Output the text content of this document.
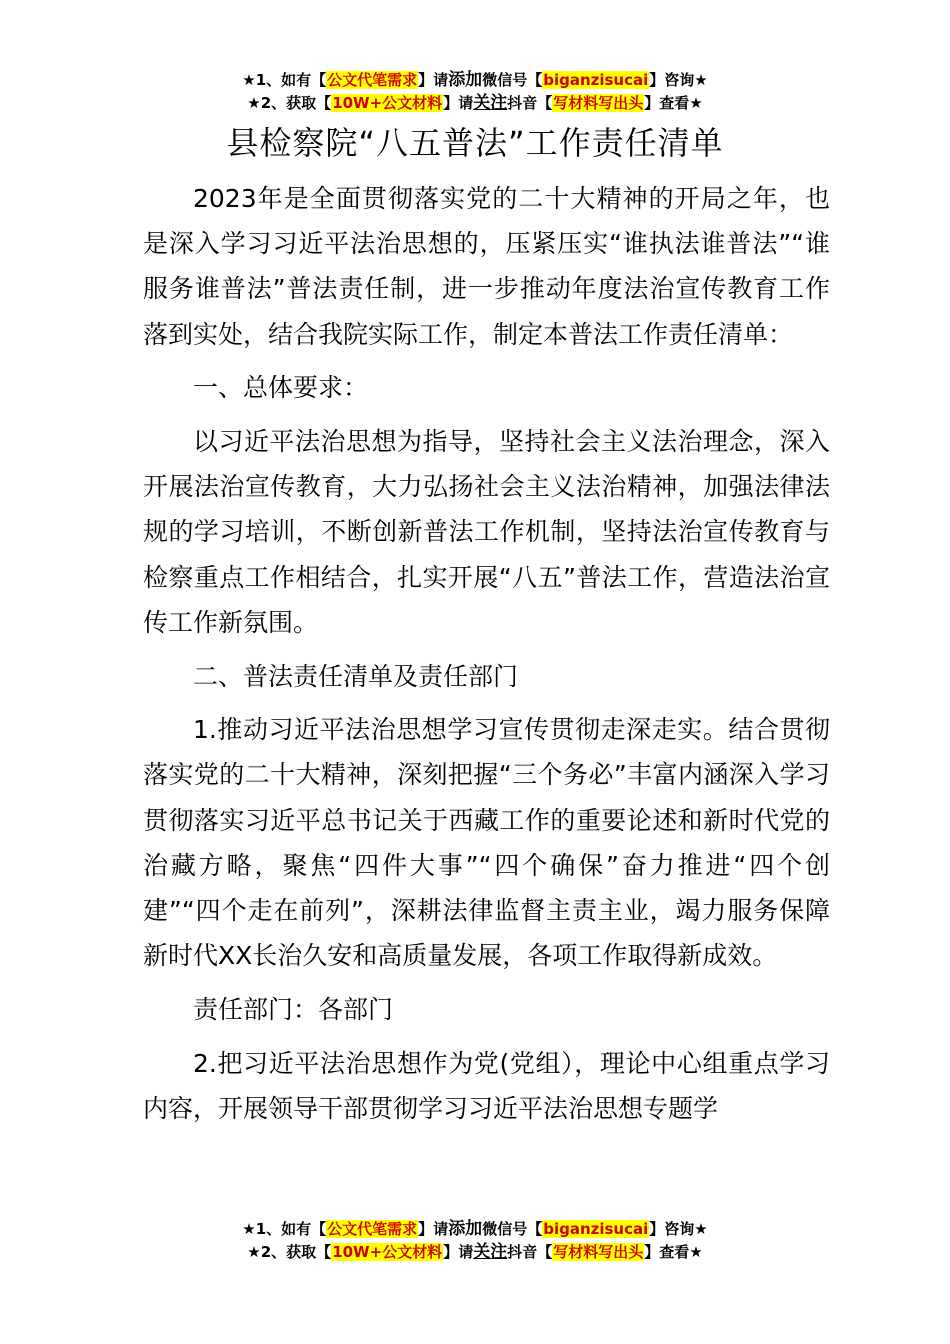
★1、如有【公文代笔需求】请添加微信号【biganzisucai】咨询★
★2、获取【10W+公文材料】请关注抖音【写材料写出头】查看★
县检察院“八五普法”工作责任清单

2023年是全面贯彻落实党的二十大精神的开局之年，也是深入学习习近平法治思想的，压紧压实“谁执法谁普法”“谁服务谁普法”普法责任制，进一步推动年度法治宣传教育工作落到实处，结合我院实际工作，制定本普法工作责任清单：

一、总体要求：

以习近平法治思想为指导，坚持社会主义法治理念，深入开展法治宣传教育，大力弘扬社会主义法治精神，加强法律法规的学习培训，不断创新普法工作机制，坚持法治宣传教育与检察重点工作相结合，扎实开展“八五”普法工作，营造法治宣传工作新氛围。

二、普法责任清单及责任部门

1.推动习近平法治思想学习宣传贯彻走深走实。结合贯彻落实党的二十大精神，深刻把握“三个务必”丰富内涵深入学习贯彻落实习近平总书记关于西藏工作的重要论述和新时代党的治藏方略，聚焦“四件大事”“四个确保”奋力推进“四个创建”“四个走在前列”，深耕法律监督主责主业，竭力服务保障新时代XX长治久安和高质量发展，各项工作取得新成效。

责任部门：各部门

2.把习近平法治思想作为党(党组），理论中心组重点学习内容，开展领导干部贯彻学习习近平法治思想专题学

★1、如有【公文代笔需求】请添加微信号【biganzisucai】咨询★
★2、获取【10W+公文材料】请关注抖音【写材料写出头】查看★
